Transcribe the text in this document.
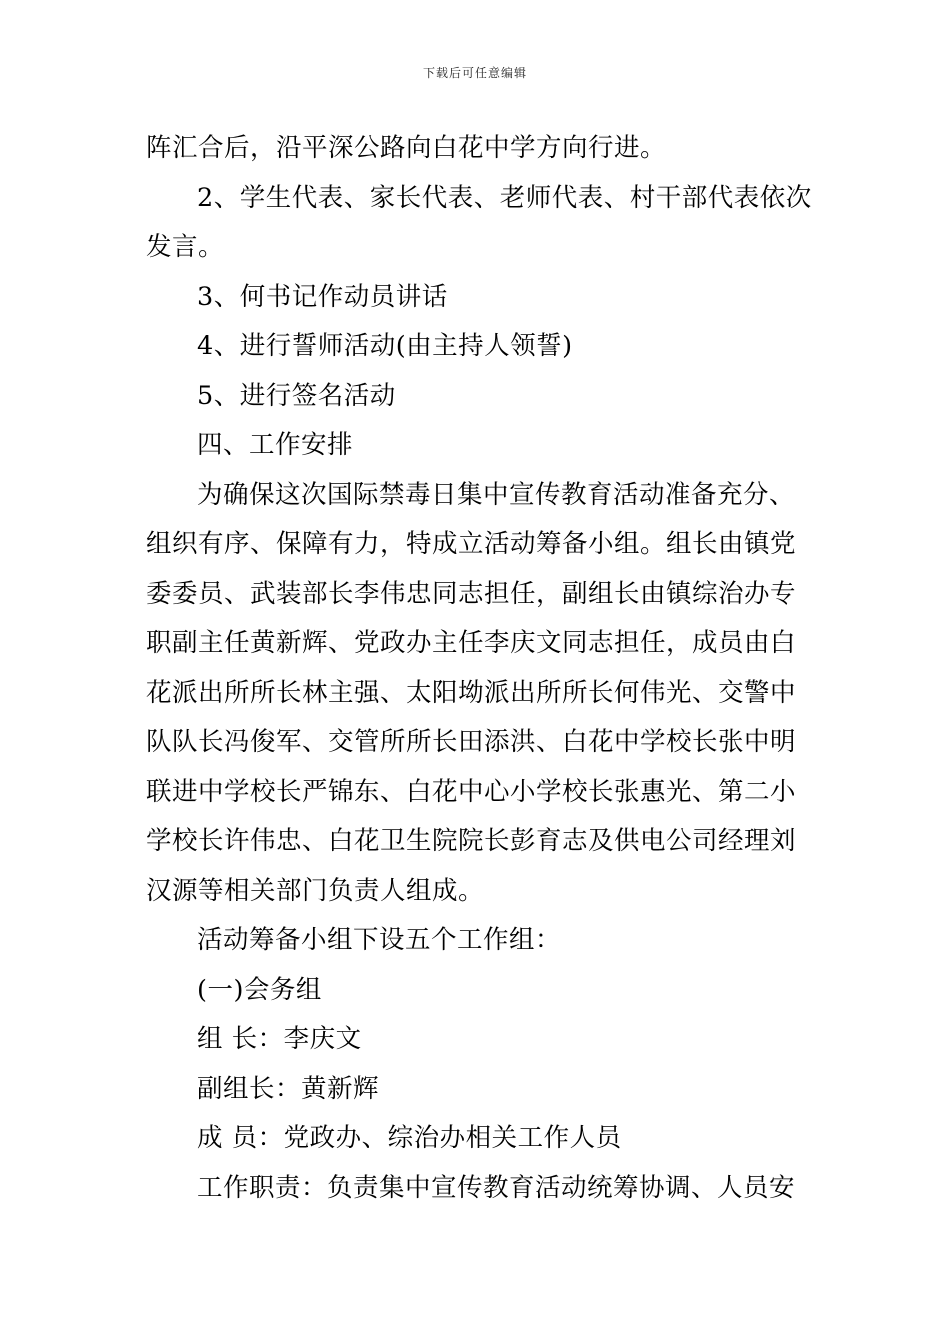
下载后可任意编辑
阵汇合后，沿平深公路向白花中学方向行进。
2、学生代表、家长代表、老师代表、村干部代表依次
发言。
3、何书记作动员讲话
4、进行誓师活动(由主持人领誓)
5、进行签名活动
四、工作安排
为确保这次国际禁毒日集中宣传教育活动准备充分、
组织有序、保障有力，特成立活动筹备小组。组长由镇党
委委员、武装部长李伟忠同志担任，副组长由镇综治办专
职副主任黄新辉、党政办主任李庆文同志担任，成员由白
花派出所所长林主强、太阳坳派出所所长何伟光、交警中
队队长冯俊军、交管所所长田添洪、白花中学校长张中明
联进中学校长严锦东、白花中心小学校长张惠光、第二小
学校长许伟忠、白花卫生院院长彭育志及供电公司经理刘
汉源等相关部门负责人组成。
活动筹备小组下设五个工作组：
(一)会务组
组 长：李庆文
副组长：黄新辉
成 员：党政办、综治办相关工作人员
工作职责：负责集中宣传教育活动统筹协调、人员安
